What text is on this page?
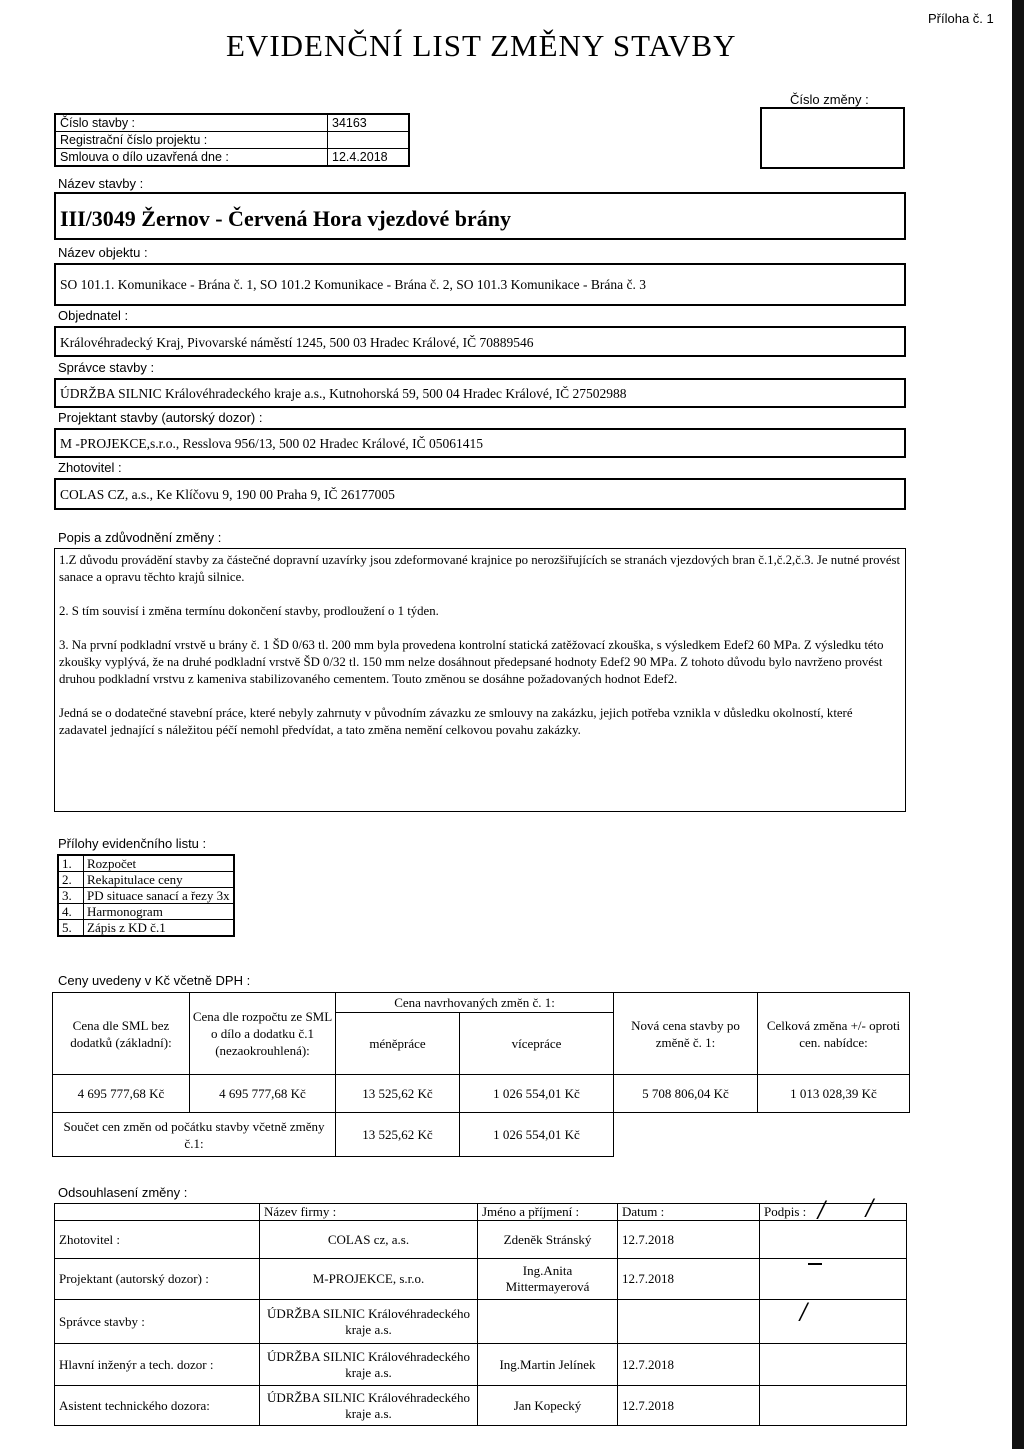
Příloha č. 1
EVIDENČNÍ LIST ZMĚNY STAVBY
Číslo změny :
Číslo stavby :	34163
Registrační číslo projektu :	
Smlouva o dílo uzavřená dne :	12.4.2018
Název stavby :
III/3049 Žernov - Červená Hora vjezdové brány
Název objektu :
SO 101.1. Komunikace - Brána č. 1, SO 101.2 Komunikace - Brána č. 2, SO 101.3 Komunikace - Brána č. 3
Objednatel :
Královéhradecký Kraj, Pivovarské náměstí 1245, 500 03 Hradec Králové, IČ 70889546
Správce stavby :
ÚDRŽBA SILNIC Královéhradeckého kraje a.s., Kutnohorská 59, 500 04 Hradec Králové, IČ 27502988
Projektant stavby (autorský dozor) :
M -PROJEKCE,s.r.o., Resslova 956/13, 500 02 Hradec Králové, IČ 05061415
Zhotovitel :
COLAS CZ, a.s., Ke Klíčovu 9, 190 00 Praha 9, IČ 26177005
Popis a zdůvodnění změny :

1.Z důvodu provádění stavby za částečné dopravní uzavírky jsou zdeformované krajnice po nerozšiřujících se stranách vjezdových bran č.1,č.2,č.3. Je nutné provést sanace a opravu těchto krajů silnice.

2. S tím souvisí i změna termínu dokončení stavby, prodloužení o 1 týden.

3. Na první podkladní vrstvě u brány č. 1 ŠD 0/63 tl. 200 mm byla provedena kontrolní statická zatěžovací zkouška, s výsledkem Edef2 60 MPa. Z výsledku této zkoušky vyplývá, že na druhé podkladní vrstvě ŠD 0/32 tl. 150 mm nelze dosáhnout předepsané hodnoty Edef2 90 MPa. Z tohoto důvodu bylo navrženo provést druhou podkladní vrstvu z kameniva stabilizovaného cementem. Touto změnou se dosáhne požadovaných hodnot Edef2.

Jedná se o dodatečné stavební práce, které nebyly zahrnuty v původním závazku ze smlouvy na zakázku, jejich potřeba vznikla v důsledku okolností, které zadavatel jednající s náležitou péčí nemohl předvídat, a tato změna nemění celkovou povahu zakázky.

Přílohy evidenčního listu :
1.	Rozpočet
2.	Rekapitulace ceny
3.	PD situace sanací a řezy 3x
4.	Harmonogram
5.	Zápis z KD č.1
Ceny uvedeny v Kč včetně DPH :
Cena dle SML bez dodatků (základní):	Cena dle rozpočtu ze SML o dílo a dodatku č.1 (nezaokrouhlená):	Cena navrhovaných změn č. 1:		Nová cena stavby po změně č. 1:	Celková změna +/- oproti cen. nabídce:
		méněpráce	vícepráce		
4 695 777,68 Kč	4 695 777,68 Kč	13 525,62 Kč	1 026 554,01 Kč	5 708 806,04 Kč	1 013 028,39 Kč
Součet cen změn od počátku stavby včetně změny č.1:		13 525,62 Kč	1 026 554,01 Kč		
Odsouhlasení změny :
	Název firmy :	Jméno a příjmení :	Datum :	Podpis :
Zhotovitel :	COLAS cz, a.s.	Zdeněk Stránský	12.7.2018	
Projektant (autorský dozor) :	M-PROJEKCE, s.r.o.	Ing.Anita Mittermayerová	12.7.2018	
Správce stavby :	ÚDRŽBA SILNIC Královéhradeckého kraje a.s.			
Hlavní inženýr a tech. dozor :	ÚDRŽBA SILNIC Královéhradeckého kraje a.s.	Ing.Martin Jelínek	12.7.2018	
Asistent technického dozora:	ÚDRŽBA SILNIC Královéhradeckého kraje a.s.	Jan Kopecký	12.7.2018	
/ /
/
